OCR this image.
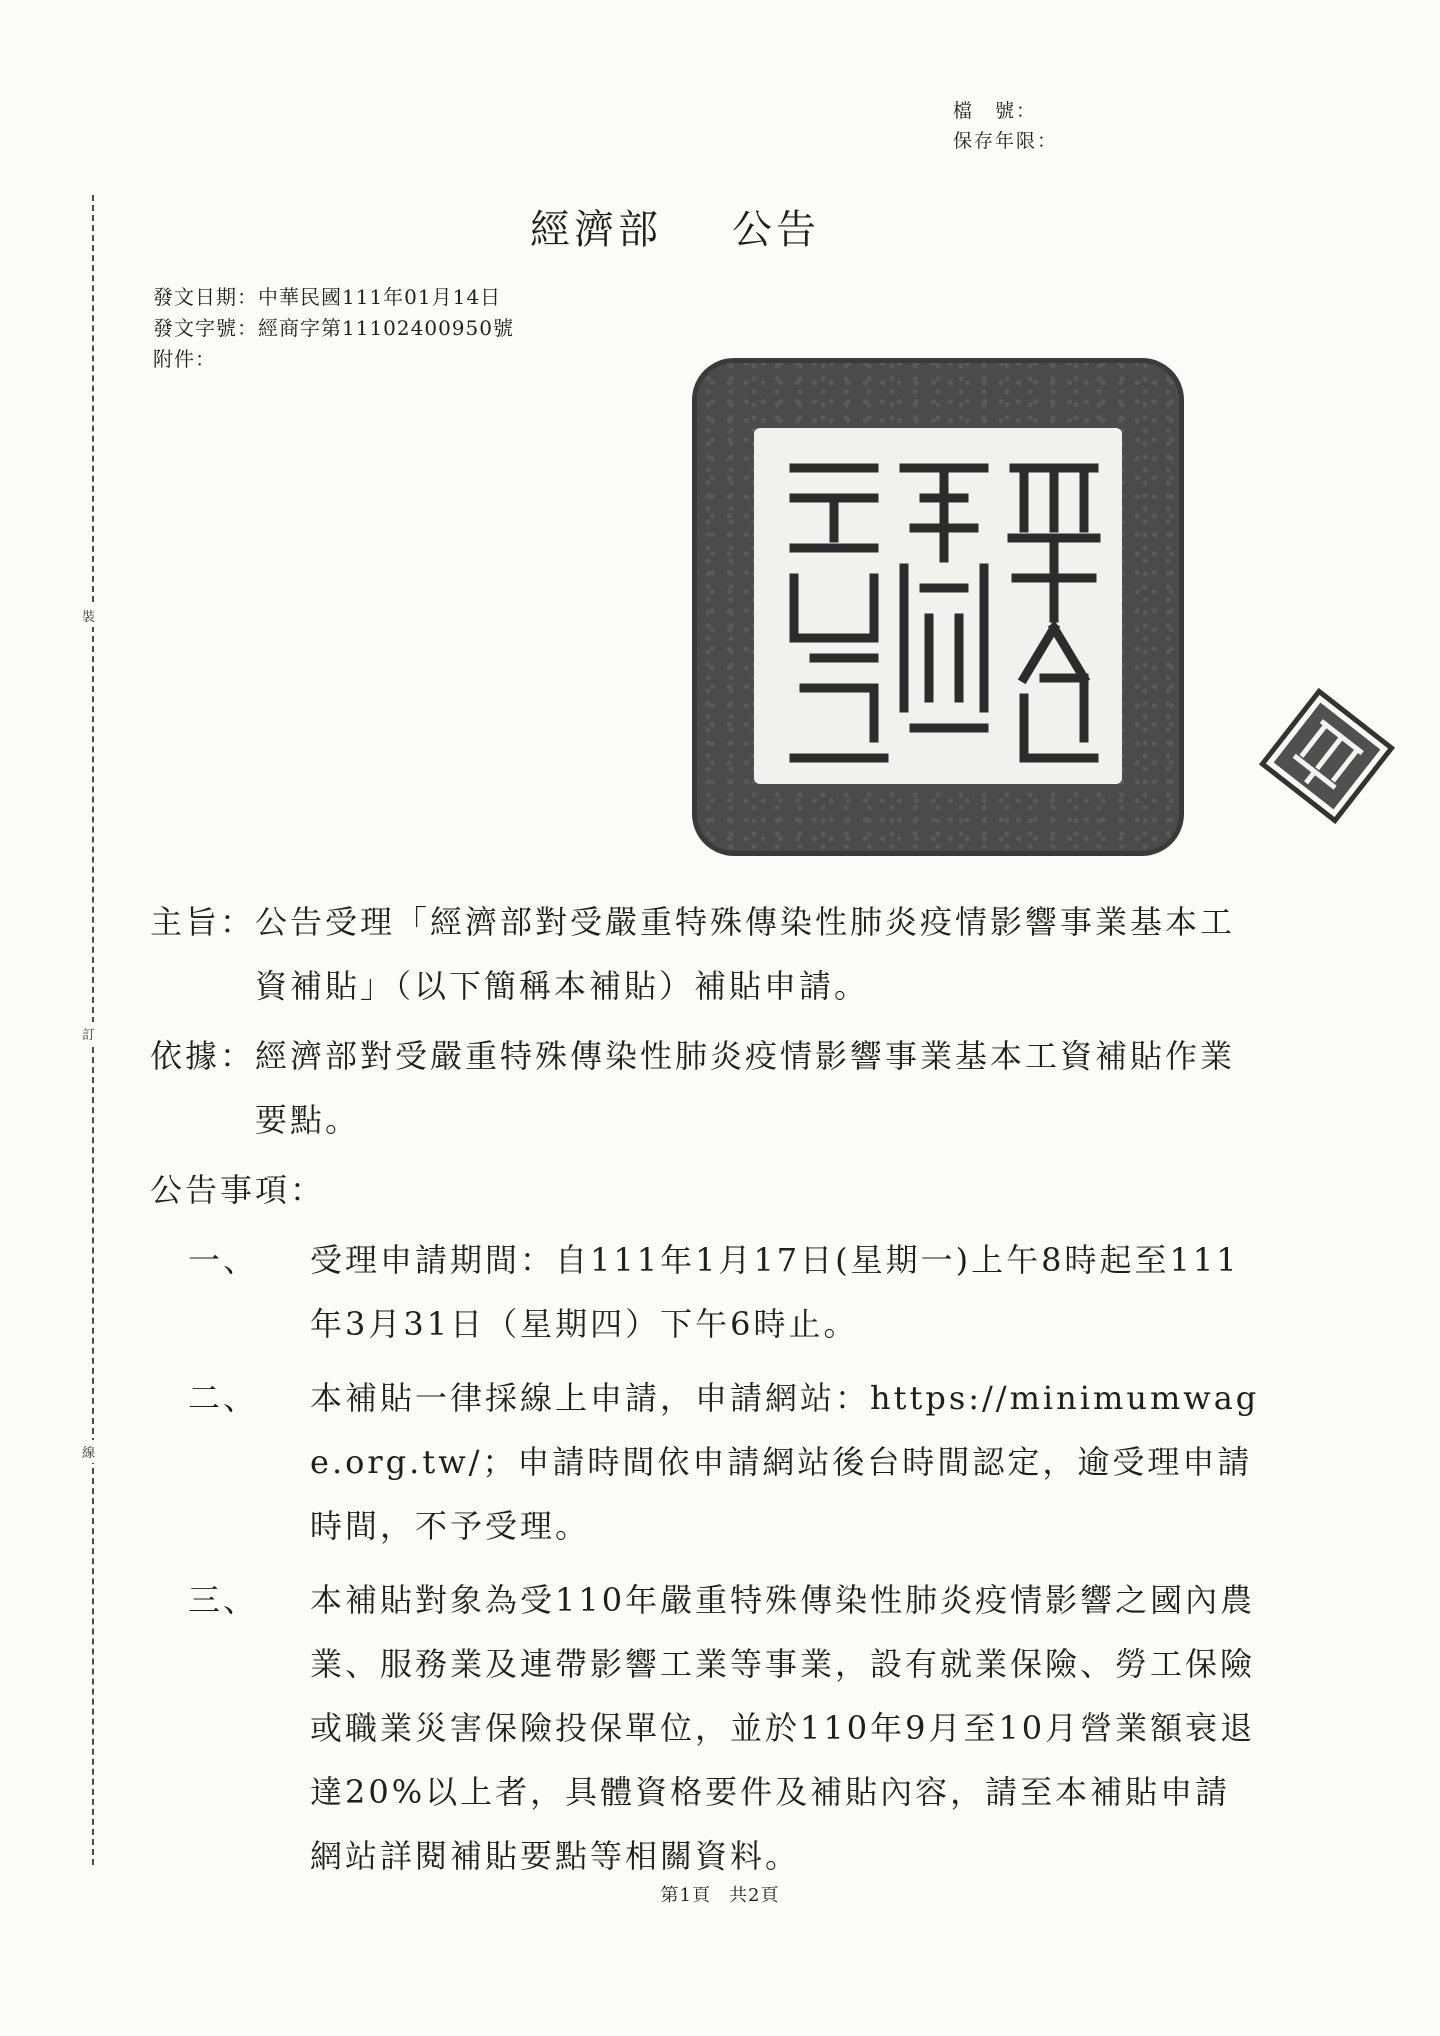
檔　號：
保存年限：
裝
訂
線
經濟部 公告
發文日期：中華民國111年01月14日
發文字號：經商字第11102400950號
附件：
主旨： 公告受理「經濟部對受嚴重特殊傳染性肺炎疫情影響事業基本工資補貼」（以下簡稱本補貼）補貼申請。
依據： 經濟部對受嚴重特殊傳染性肺炎疫情影響事業基本工資補貼作業要點。
公告事項：
一、	受理申請期間：自111年1月17日(星期一)上午8時起至111年3月31日（星期四）下午6時止。
二、	本補貼一律採線上申請，申請網站：https://minimumwage.org.tw/；申請時間依申請網站後台時間認定，逾受理申請時間，不予受理。
三、	本補貼對象為受110年嚴重特殊傳染性肺炎疫情影響之國內農業、服務業及連帶影響工業等事業，設有就業保險、勞工保險或職業災害保險投保單位，並於110年9月至10月營業額衰退達20%以上者，具體資格要件及補貼內容，請至本補貼申請網站詳閱補貼要點等相關資料。
第1頁 共2頁
